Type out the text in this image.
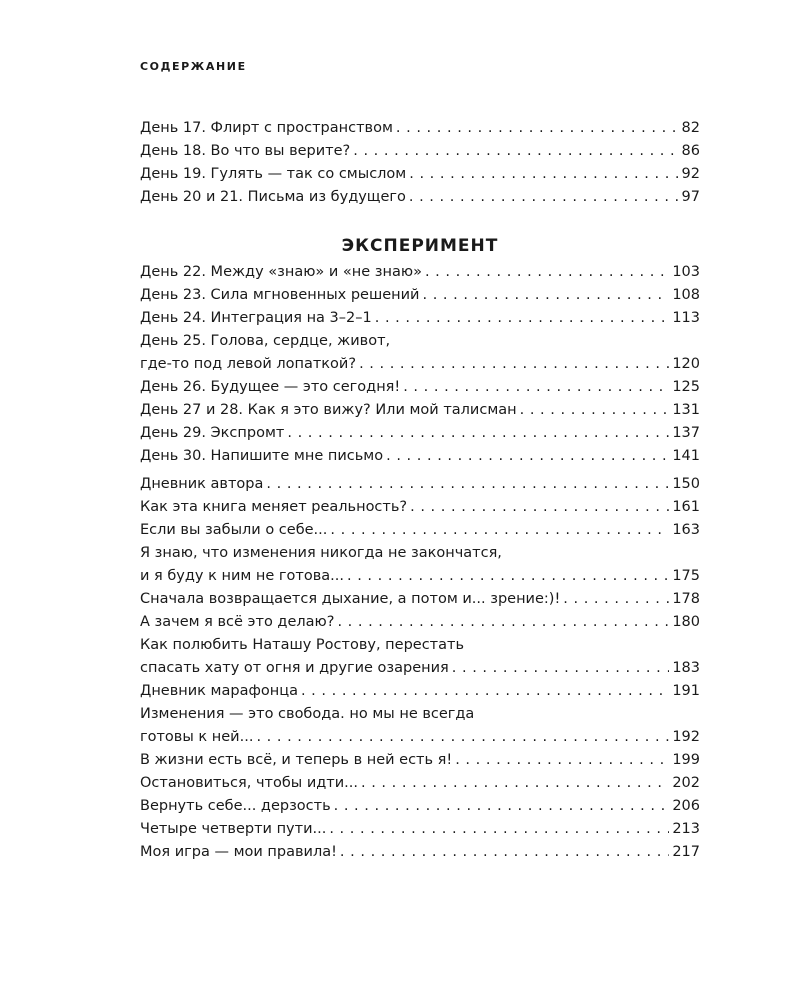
СОДЕРЖАНИЕ
День 17. Флирт с пространством . . .	82
День 18. Во что вы верите? . . .	86
День 19. Гулять — так со смыслом . . .	92
День 20 и 21. Письма из будущего . . .	97
ЭКСПЕРИМЕНТ
День 22. Между «знаю» и «не знаю» . . .	103
День 23. Сила мгновенных решений . . .	108
День 24. Интеграция на 3–2–1 . . .	113
День 25. Голова, сердце, живот,
где-то под левой лопаткой? . . .	120
День 26. Будущее — это сегодня! . . .	125
День 27 и 28. Как я это вижу? Или мой талисман . . .	131
День 29. Экспромт . . .	137
День 30. Напишите мне письмо . . .	141
Дневник автора . . .	150
Как эта книга меняет реальность? . . .	161
Если вы забыли о себе... . . .	163
Я знаю, что изменения никогда не закончатся,
и я буду к ним не готова... . . .	175
Сначала возвращается дыхание, а потом и... зрение:)! . . .	178
А зачем я всё это делаю? . . .	180
Как полюбить Наташу Ростову, перестать
спасать хату от огня и другие озарения . . .	183
Дневник марафонца . . .	191
Изменения — это свобода. но мы не всегда
готовы к ней... . . .	192
В жизни есть всё, и теперь в ней есть я! . . .	199
Остановиться, чтобы идти... . . .	202
Вернуть себе... дерзость . . .	206
Четыре четверти пути... . . .	213
Моя игра — мои правила! . . .	217
